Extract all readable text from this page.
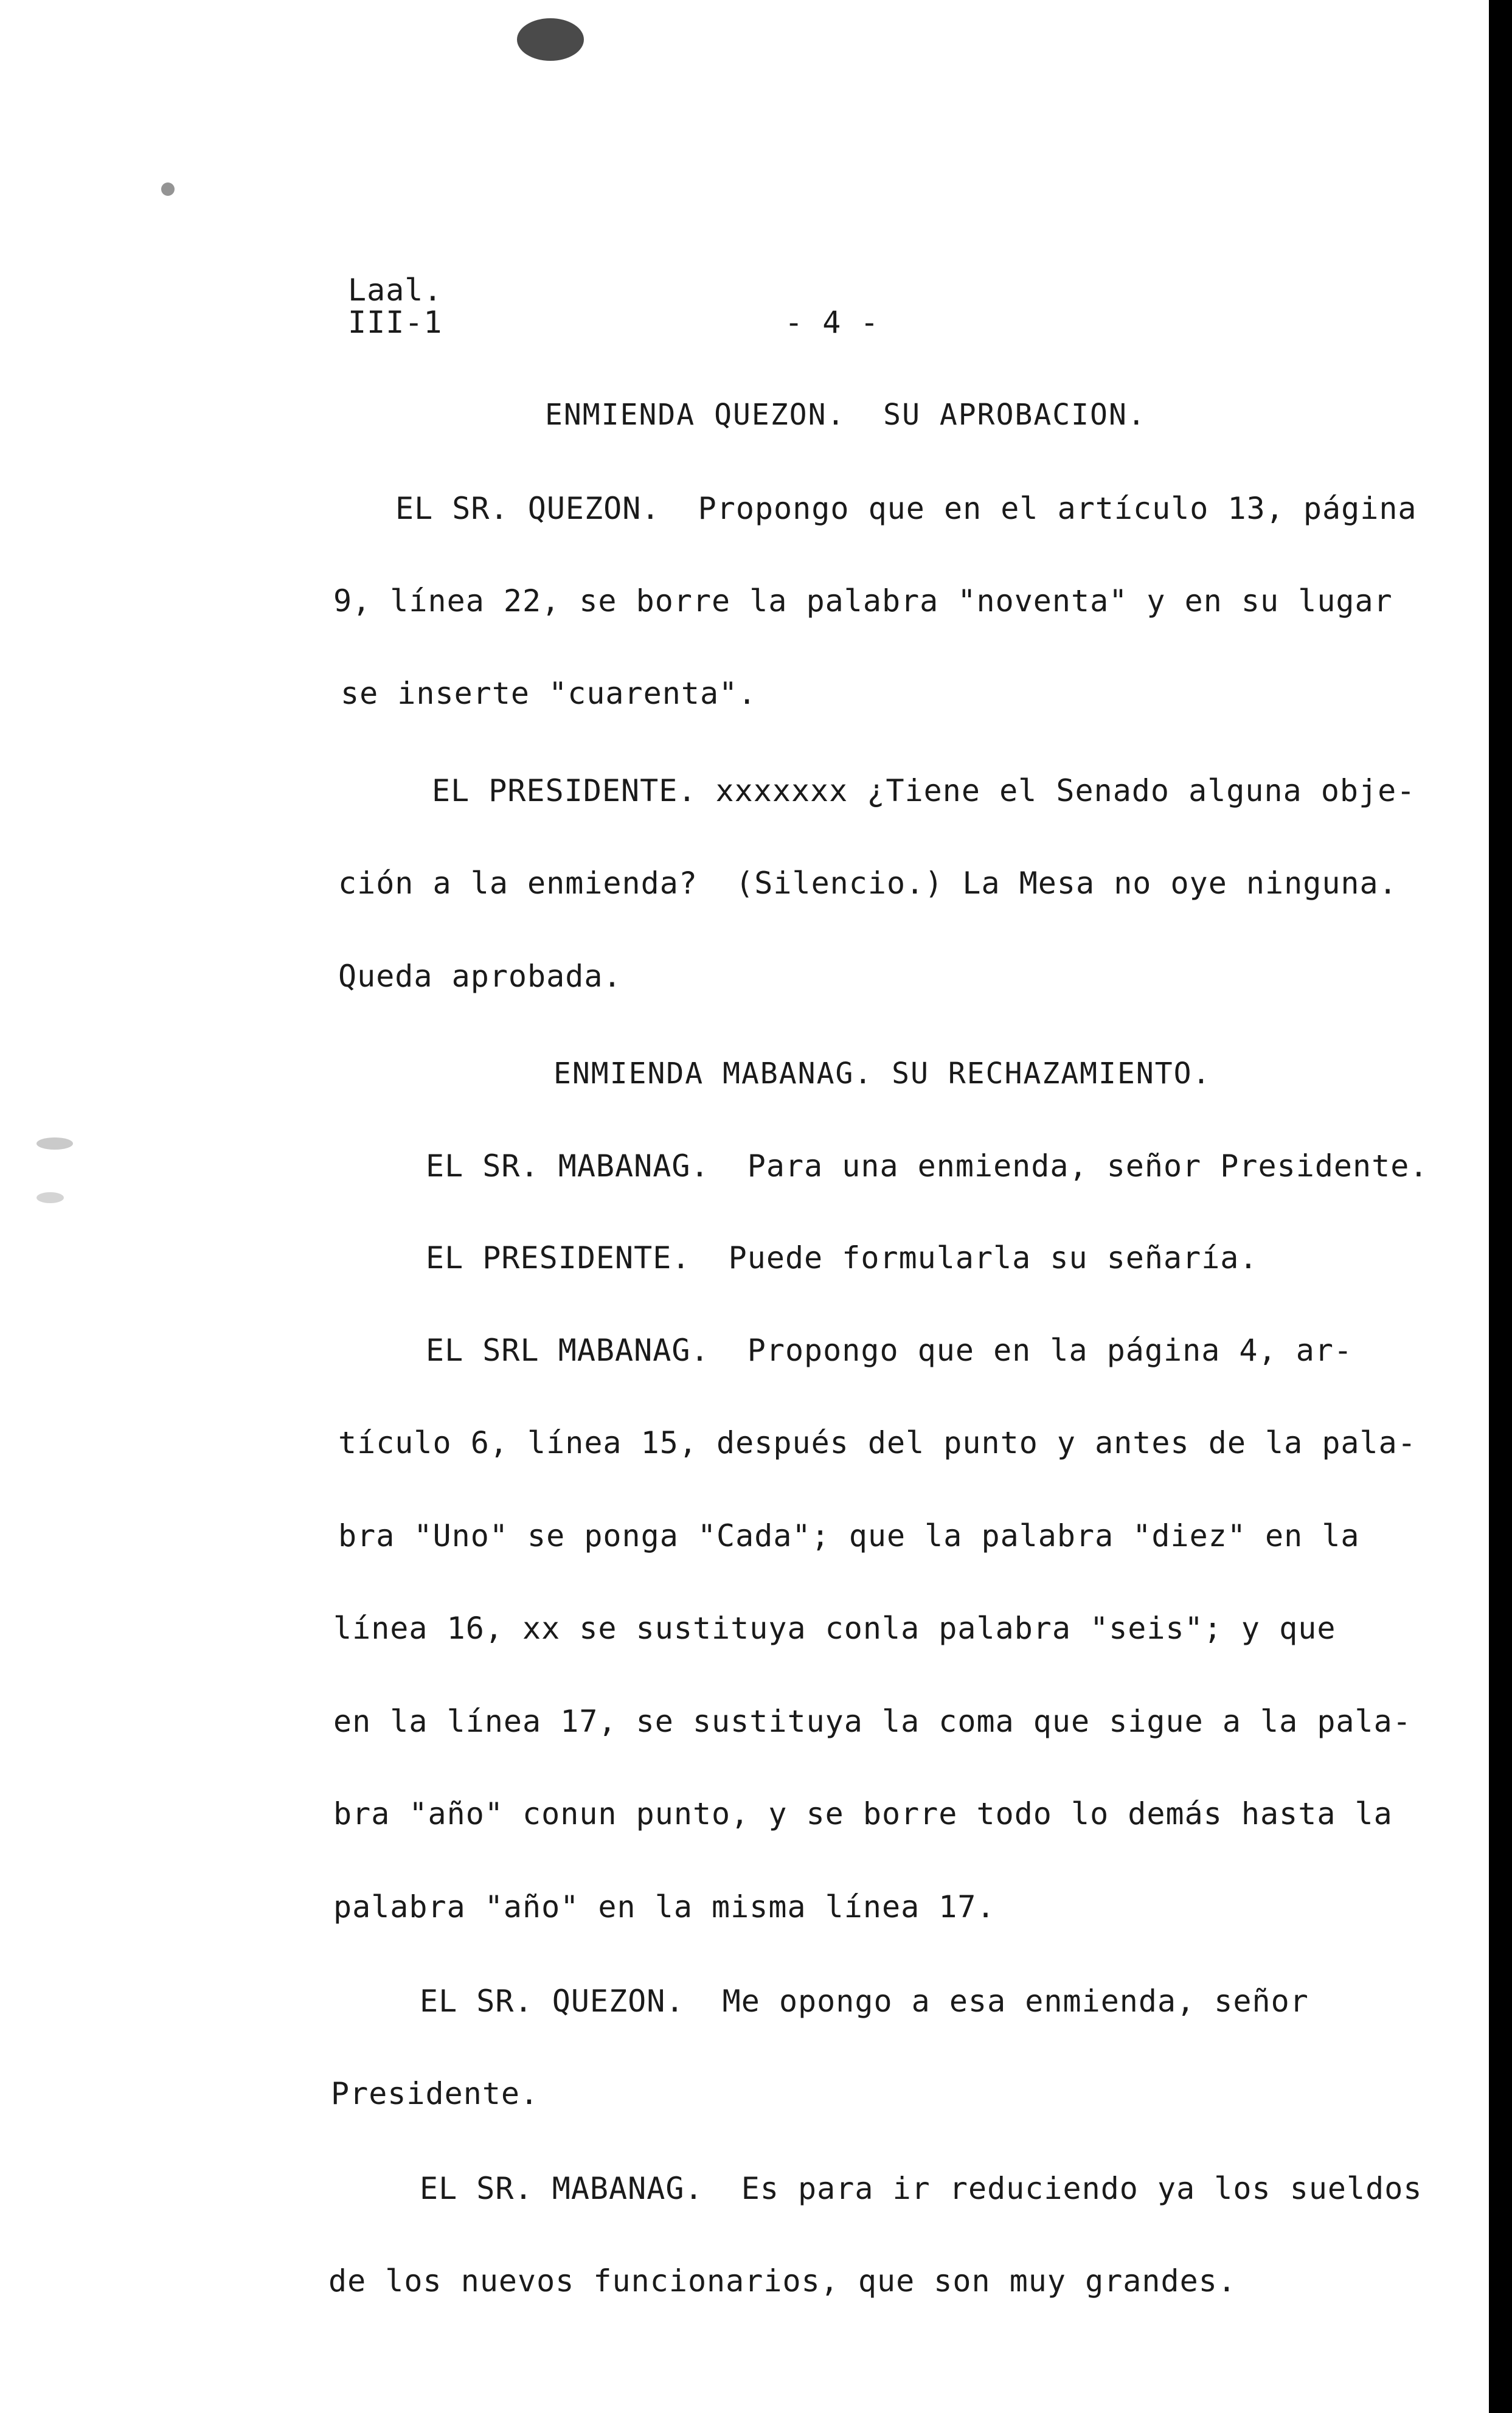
Laal.
III-1	- 4 -
ENMIENDA QUEZON.  SU APROBACION.
EL SR. QUEZON.  Propongo que en el artículo 13, página
9, línea 22, se borre la palabra "noventa" y en su lugar
se inserte "cuarenta".
EL PRESIDENTE. xxxxxxx ¿Tiene el Senado alguna obje-
ción a la enmienda?  (Silencio.) La Mesa no oye ninguna.
Queda aprobada.
ENMIENDA MABANAG. SU RECHAZAMIENTO.
EL SR. MABANAG.  Para una enmienda, señor Presidente.
EL PRESIDENTE.  Puede formularla su señaría.
EL SRL MABANAG.  Propongo que en la página 4, ar-
tículo 6, línea 15, después del punto y antes de la pala-
bra "Uno" se ponga "Cada"; que la palabra "diez" en la
línea 16, xx se sustituya conla palabra "seis"; y que
en la línea 17, se sustituya la coma que sigue a la pala-
bra "año" conun punto, y se borre todo lo demás hasta la
palabra "año" en la misma línea 17.
EL SR. QUEZON.  Me opongo a esa enmienda, señor
Presidente.
EL SR. MABANAG.  Es para ir reduciendo ya los sueldos
de los nuevos funcionarios, que son muy grandes.
